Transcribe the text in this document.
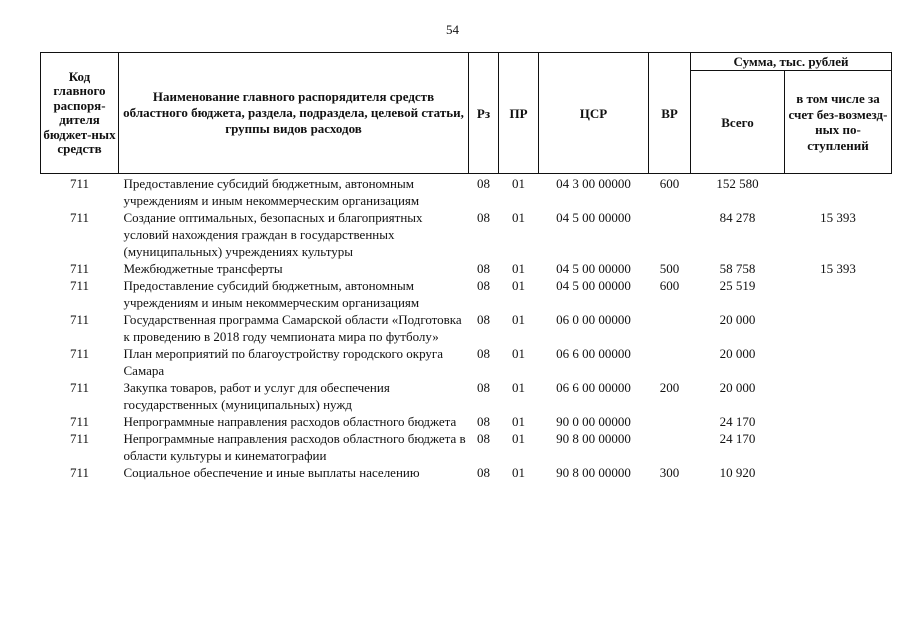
54
Код главного распоря-дителя бюджет-ных средств	Наименование главного распорядителя средств областного бюджета, раздела, подраздела, целевой статьи, группы видов расходов	Рз	ПР	ЦСР	ВР	Сумма, тыс. рублей	
						Всего	в том числе за счет без-возмезд-ных по-ступлений
711	Предоставление субсидий бюджетным, автономным учреждениям и иным некоммерческим организациям	08	01	04 3 00 00000	600	152 580	
711	Создание оптимальных, безопасных и благоприятных условий нахождения граждан в государственных (муниципальных) учреждениях культуры	08	01	04 5 00 00000		84 278	15 393
711	Межбюджетные трансферты	08	01	04 5 00 00000	500	58 758	15 393
711	Предоставление субсидий бюджетным, автономным учреждениям и иным некоммерческим организациям	08	01	04 5 00 00000	600	25 519	
711	Государственная программа Самарской области «Подготовка к проведению в 2018 году чемпионата мира по футболу»	08	01	06 0 00 00000		20 000	
711	План мероприятий по благоустройству городского округа Самара	08	01	06 6 00 00000		20 000	
711	Закупка товаров, работ и услуг для обеспечения государственных (муниципальных) нужд	08	01	06 6 00 00000	200	20 000	
711	Непрограммные направления расходов областного бюджета	08	01	90 0 00 00000		24 170	
711	Непрограммные направления расходов областного бюджета в области культуры и кинематографии	08	01	90 8 00 00000		24 170	
711	Социальное обеспечение и иные выплаты населению	08	01	90 8 00 00000	300	10 920	
